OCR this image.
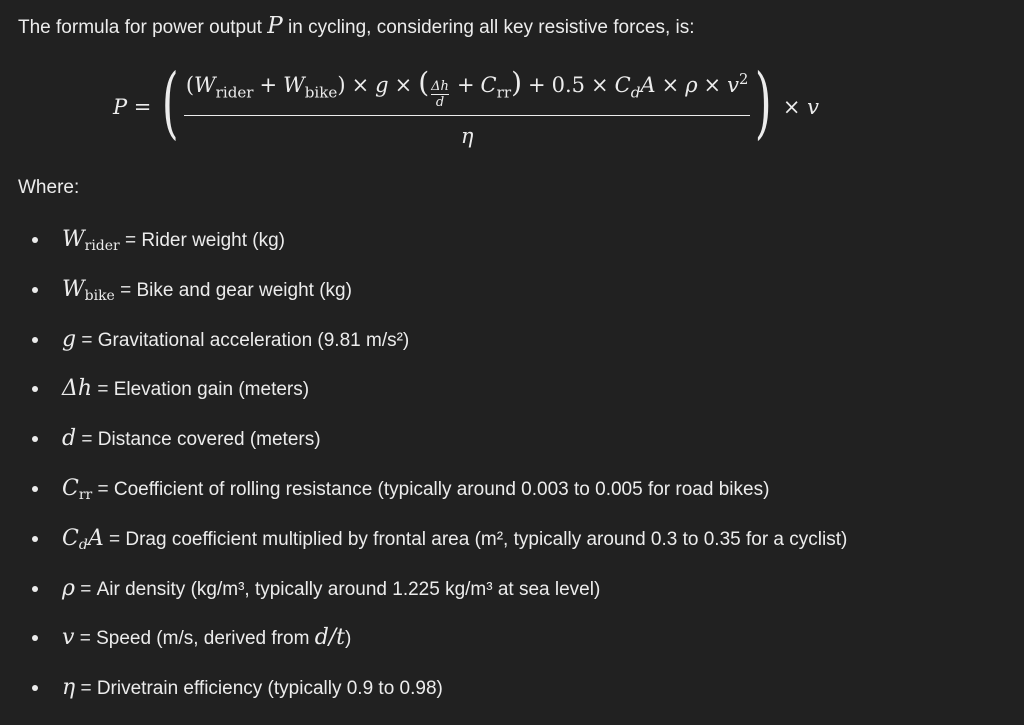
The formula for power output P in cycling, considering all key resistive forces, is:
P = ( $\frac{(W_{rider} + W_{bike}) \times g \times ( \frac{\Delta h}{d} + C_{rr}) + 0.5 \times C_dA \times \rho \times v^2}{\eta}$ ) × v
Where:
$W_{rider}$ = Rider weight (kg)
$W_{bike}$ = Bike and gear weight (kg)
g = Gravitational acceleration (9.81 m/s²)
Δh = Elevation gain (meters)
d = Distance covered (meters)
$C_{rr}$ = Coefficient of rolling resistance (typically around 0.003 to 0.005 for road bikes)
$C_dA$ = Drag coefficient multiplied by frontal area (m², typically around 0.3 to 0.35 for a cyclist)
ρ = Air density (kg/m³, typically around 1.225 kg/m³ at sea level)
v = Speed (m/s, derived from d/t)
η = Drivetrain efficiency (typically 0.9 to 0.98)
